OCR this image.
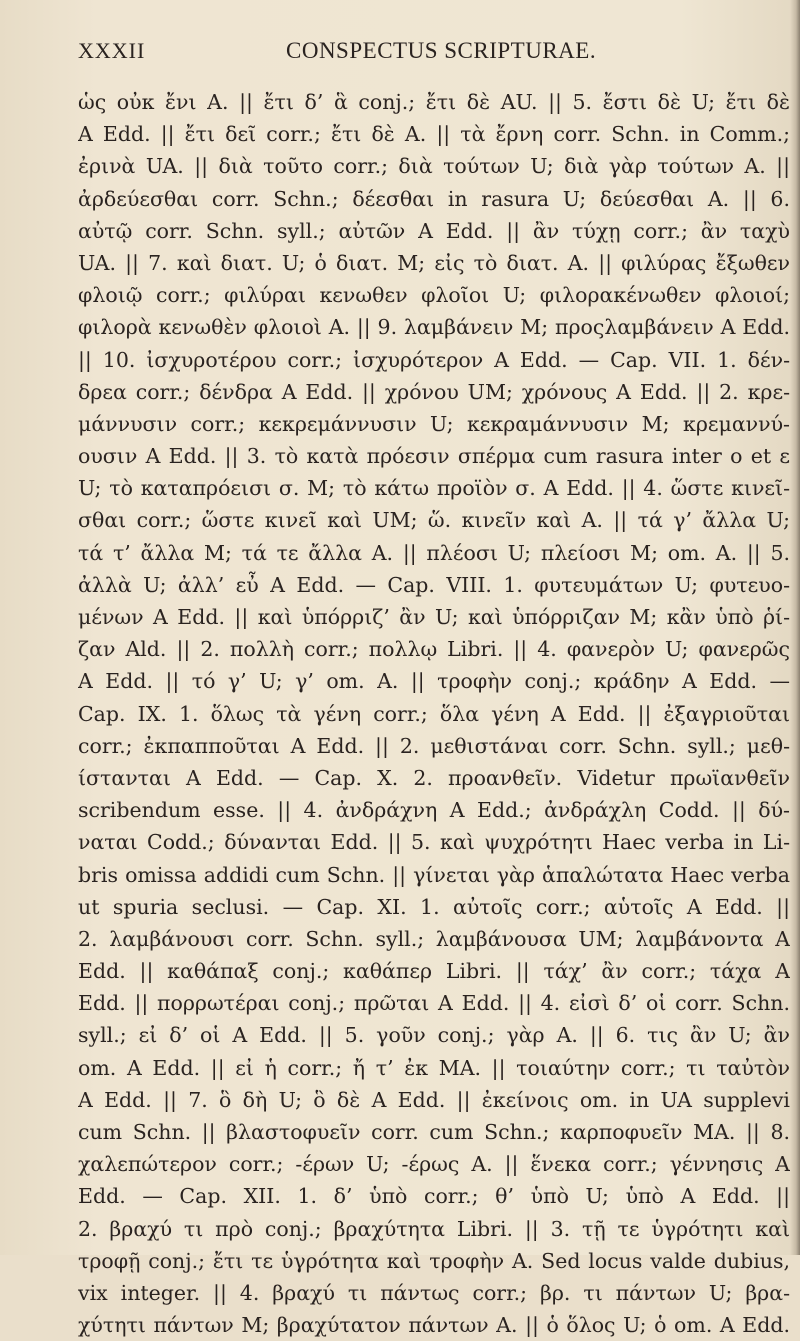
XXXII	CONSPECTUS SCRIPTURAE.
ὡς οὐκ ἔνι A. || ἔτι δ’ ἃ conj.; ἔτι δὲ AU. || 5. ἔστι δὲ U; ἔτι δὲ
A Edd. || ἔτι δεῖ corr.; ἔτι δὲ A. || τὰ ἔρνη corr. Schn. in Comm.;
ἐρινὰ UA. || διὰ τοῦτο corr.; διὰ τούτων U; διὰ γὰρ τούτων A. ||
ἀρδεύεσθαι corr. Schn.; δέεσθαι in rasura U; δεύεσθαι A. || 6.
αὐτῷ corr. Schn. syll.; αὐτῶν A Edd. || ἂν τύχῃ corr.; ἂν ταχὺ
UA. || 7. καὶ διατ. U; ὁ διατ. M; εἰς τὸ διατ. A. || φιλύρας ἔξωθεν
φλοιῷ corr.; φιλύραι κενωθεν φλοῖοι U; φιλορακένωθεν φλοιοί;
φιλορὰ κενωθὲν φλοιοὶ A. || 9. λαμβάνειν M; προςλαμβάνειν A Edd.
|| 10. ἰσχυροτέρου corr.; ἰσχυρότερον A Edd. — Cap. VII. 1. δέν-
δρεα corr.; δένδρα A Edd. || χρόνου UM; χρόνους A Edd. || 2. κρε-
μάννυσιν corr.; κεκρεμάννυσιν U; κεκραμάννυσιν M; κρεμαννύ-
ουσιν A Edd. || 3. τὸ κατὰ πρόεσιν σπέρμα cum rasura inter ο et ε
U; τὸ καταπρόεισι σ. M; τὸ κάτω προϊὸν σ. A Edd. || 4. ὥστε κινεῖ-
σθαι corr.; ὥστε κινεῖ καὶ UM; ὥ. κινεῖν καὶ A. || τά γ’ ἄλλα U;
τά τ’ ἄλλα M; τά τε ἄλλα A. || πλέοσι U; πλείοσι M; om. A. || 5.
ἀλλὰ U; ἀλλ’ εὖ A Edd. — Cap. VIII. 1. φυτευμάτων U; φυτευο-
μένων A Edd. || καὶ ὑπόρριζ’ ἂν U; καὶ ὑπόρριζαν M; κἂν ὑπὸ ῥί-
ζαν Ald. || 2. πολλὴ corr.; πολλῳ Libri. || 4. φανερὸν U; φανερῶς
A Edd. || τό γ’ U; γ’ om. A. || τροφὴν conj.; κράδην A Edd. —
Cap. IX. 1. ὅλως τὰ γένη corr.; ὅλα γένη A Edd. || ἐξαγριοῦται
corr.; ἐκπαπποῦται A Edd. || 2. μεθιστάναι corr. Schn. syll.; μεθ-
ίστανται A Edd. — Cap. X. 2. προανθεῖν. Videtur πρωϊανθεῖν
scribendum esse. || 4. ἀνδράχνη A Edd.; ἀνδράχλη Codd. || δύ-
ναται Codd.; δύνανται Edd. || 5. καὶ ψυχρότητι Haec verba in Li-
bris omissa addidi cum Schn. || γίνεται γὰρ ἁπαλώτατα Haec verba
ut spuria seclusi. — Cap. XI. 1. αὐτοῖς corr.; αὑτοῖς A Edd. ||
2. λαμβάνουσι corr. Schn. syll.; λαμβάνουσα UM; λαμβάνοντα A
Edd. || καθάπαξ conj.; καθάπερ Libri. || τάχ’ ἂν corr.; τάχα A
Edd. || πορρωτέραι conj.; πρῶται A Edd. || 4. εἰσὶ δ’ οἱ corr. Schn.
syll.; εἰ δ’ οἱ A Edd. || 5. γοῦν conj.; γὰρ A. || 6. τις ἂν U; ἂν
om. A Edd. || εἰ ἡ corr.; ἤ τ’ ἐκ MA. || τοιαύτην corr.; τι ταὐτὸν
A Edd. || 7. ὃ δὴ U; ὃ δὲ A Edd. || ἐκείνοις om. in UA supplevi
cum Schn. || βλαστοφυεῖν corr. cum Schn.; καρποφυεῖν MA. || 8.
χαλεπώτερον corr.; -έρων U; -έρως A. || ἕνεκα corr.; γέννησις A
Edd. — Cap. XII. 1. δ’ ὑπὸ corr.; θ’ ὑπὸ U; ὑπὸ A Edd. ||
2. βραχύ τι πρὸ conj.; βραχύτητα Libri. || 3. τῇ τε ὑγρότητι καὶ
τροφῇ conj.; ἔτι τε ὑγρότητα καὶ τροφὴν A. Sed locus valde dubius,
vix integer. || 4. βραχύ τι πάντως corr.; βρ. τι πάντων U; βρα-
χύτητι πάντων M; βραχύτατον πάντων A. || ὁ ὅλος U; ὁ om. A Edd.
